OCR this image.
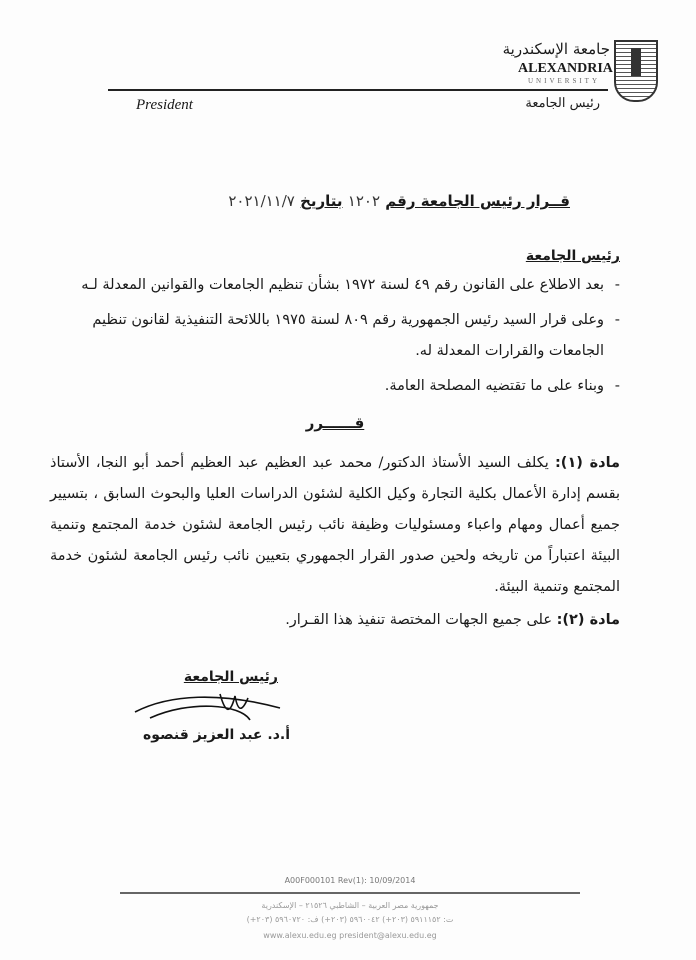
جامعة الإسكندرية
ALEXANDRIA
UNIVERSITY
President	رئيس الجامعة
قــرار رئيس الجامعة رقم ١٢٠٢ بتاريخ ٢٠٢١/١١/٧
رئيس الجامعة
-
بعد الاطلاع على القانون رقم ٤٩ لسنة ١٩٧٢ بشأن تنظيم الجامعات والقوانين المعدلة لـه
-
وعلى قرار السيد رئيس الجمهورية رقم ٨٠٩ لسنة ١٩٧٥ باللائحة التنفيذية لقانون تنظيم الجامعات والقرارات المعدلة له.
-
وبناء على ما تقتضيه المصلحة العامة.
قــــــرر
مادة (١): يكلف السيد الأستاذ الدكتور/ محمد عبد العظيم عبد العظيم أحمد أبو النجا، الأستاذ بقسم إدارة الأعمال بكلية التجارة وكيل الكلية لشئون الدراسات العليا والبحوث السابق ، بتسيير جميع أعمال ومهام واعباء ومسئوليات وظيفة نائب رئيس الجامعة لشئون خدمة المجتمع وتنمية البيئة اعتباراً من تاريخه ولحين صدور القرار الجمهوري بتعيين نائب رئيس الجامعة لشئون خدمة المجتمع وتنمية البيئة.
مادة (٢): على جميع الجهات المختصة تنفيذ هذا القـرار.
رئيس الجامعة
أ.د. عبد العزيز قنصوه
A00F000101 Rev(1): 10/09/2014
جمهورية مصر العربية – الشاطبي ٢١٥٢٦ – الإسكندرية
ت: ٥٩١١١٥٢ (٢٠٣+) ٥٩٦٠٠٤٢ (٢٠٣+) ف: ٥٩٦٠٧٢٠ (٢٠٣+)
www.alexu.edu.eg president@alexu.edu.eg
